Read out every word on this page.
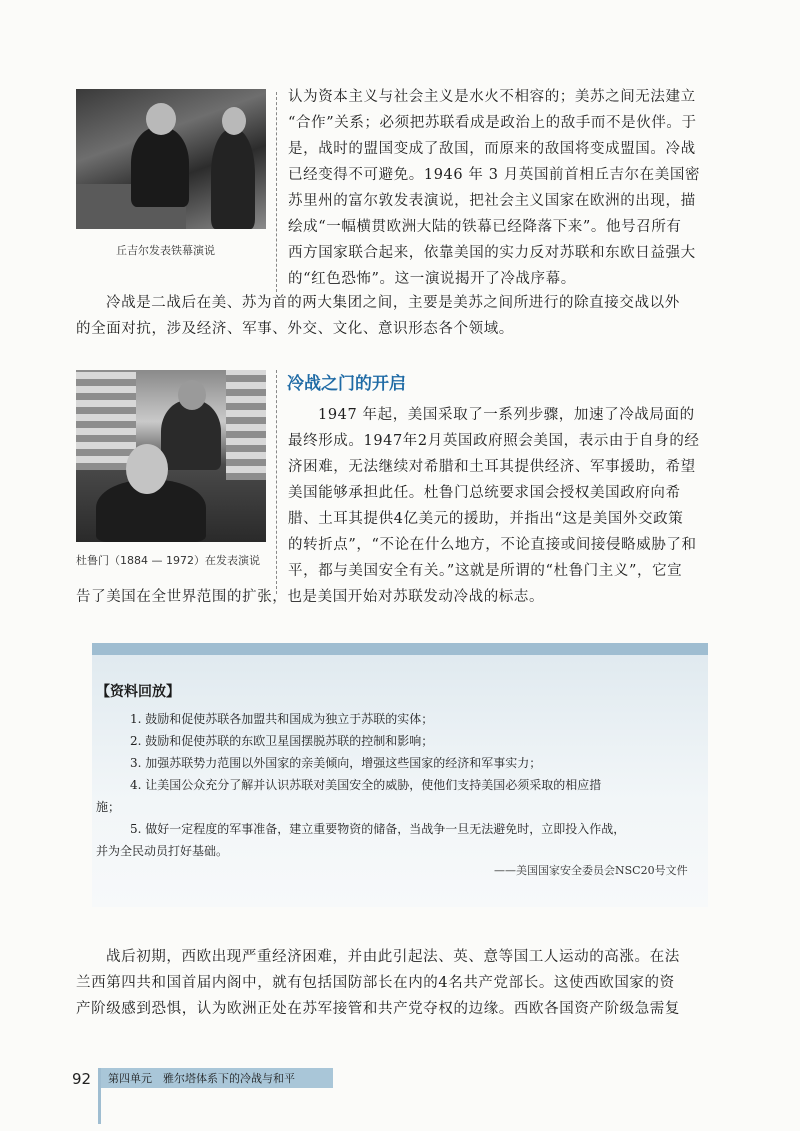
丘吉尔发表铁幕演说
认为资本主义与社会主义是水火不相容的；美苏之间无法建立
“合作”关系；必须把苏联看成是政治上的敌手而不是伙伴。于
是，战时的盟国变成了敌国，而原来的敌国将变成盟国。冷战
已经变得不可避免。1946 年 3 月英国前首相丘吉尔在美国密
苏里州的富尔敦发表演说，把社会主义国家在欧洲的出现，描
绘成“一幅横贯欧洲大陆的铁幕已经降落下来”。他号召所有
西方国家联合起来，依靠美国的实力反对苏联和东欧日益强大
的“红色恐怖”。这一演说揭开了冷战序幕。
冷战是二战后在美、苏为首的两大集团之间，主要是美苏之间所进行的除直接交战以外
的全面对抗，涉及经济、军事、外交、文化、意识形态各个领域。
杜鲁门（1884 — 1972）在发表演说
冷战之门的开启
1947 年起，美国采取了一系列步骤，加速了冷战局面的
最终形成。1947年2月英国政府照会美国，表示由于自身的经
济困难，无法继续对希腊和土耳其提供经济、军事援助，希望
美国能够承担此任。杜鲁门总统要求国会授权美国政府向希
腊、土耳其提供4亿美元的援助，并指出“这是美国外交政策
的转折点”，“不论在什么地方，不论直接或间接侵略威胁了和
平，都与美国安全有关。”这就是所谓的“杜鲁门主义”，它宣
告了美国在全世界范围的扩张，也是美国开始对苏联发动冷战的标志。
【资料回放】
1. 鼓励和促使苏联各加盟共和国成为独立于苏联的实体；
2. 鼓励和促使苏联的东欧卫星国摆脱苏联的控制和影响；
3. 加强苏联势力范围以外国家的亲美倾向，增强这些国家的经济和军事实力；
4. 让美国公众充分了解并认识苏联对美国安全的威胁，使他们支持美国必须采取的相应措
施；
5. 做好一定程度的军事准备，建立重要物资的储备，当战争一旦无法避免时，立即投入作战，
并为全民动员打好基础。
——美国国家安全委员会NSC20号文件
战后初期，西欧出现严重经济困难，并由此引起法、英、意等国工人运动的高涨。在法
兰西第四共和国首届内阁中，就有包括国防部长在内的4名共产党部长。这使西欧国家的资
产阶级感到恐惧，认为欧洲正处在苏军接管和共产党夺权的边缘。西欧各国资产阶级急需复
92 第四单元　雅尔塔体系下的冷战与和平
